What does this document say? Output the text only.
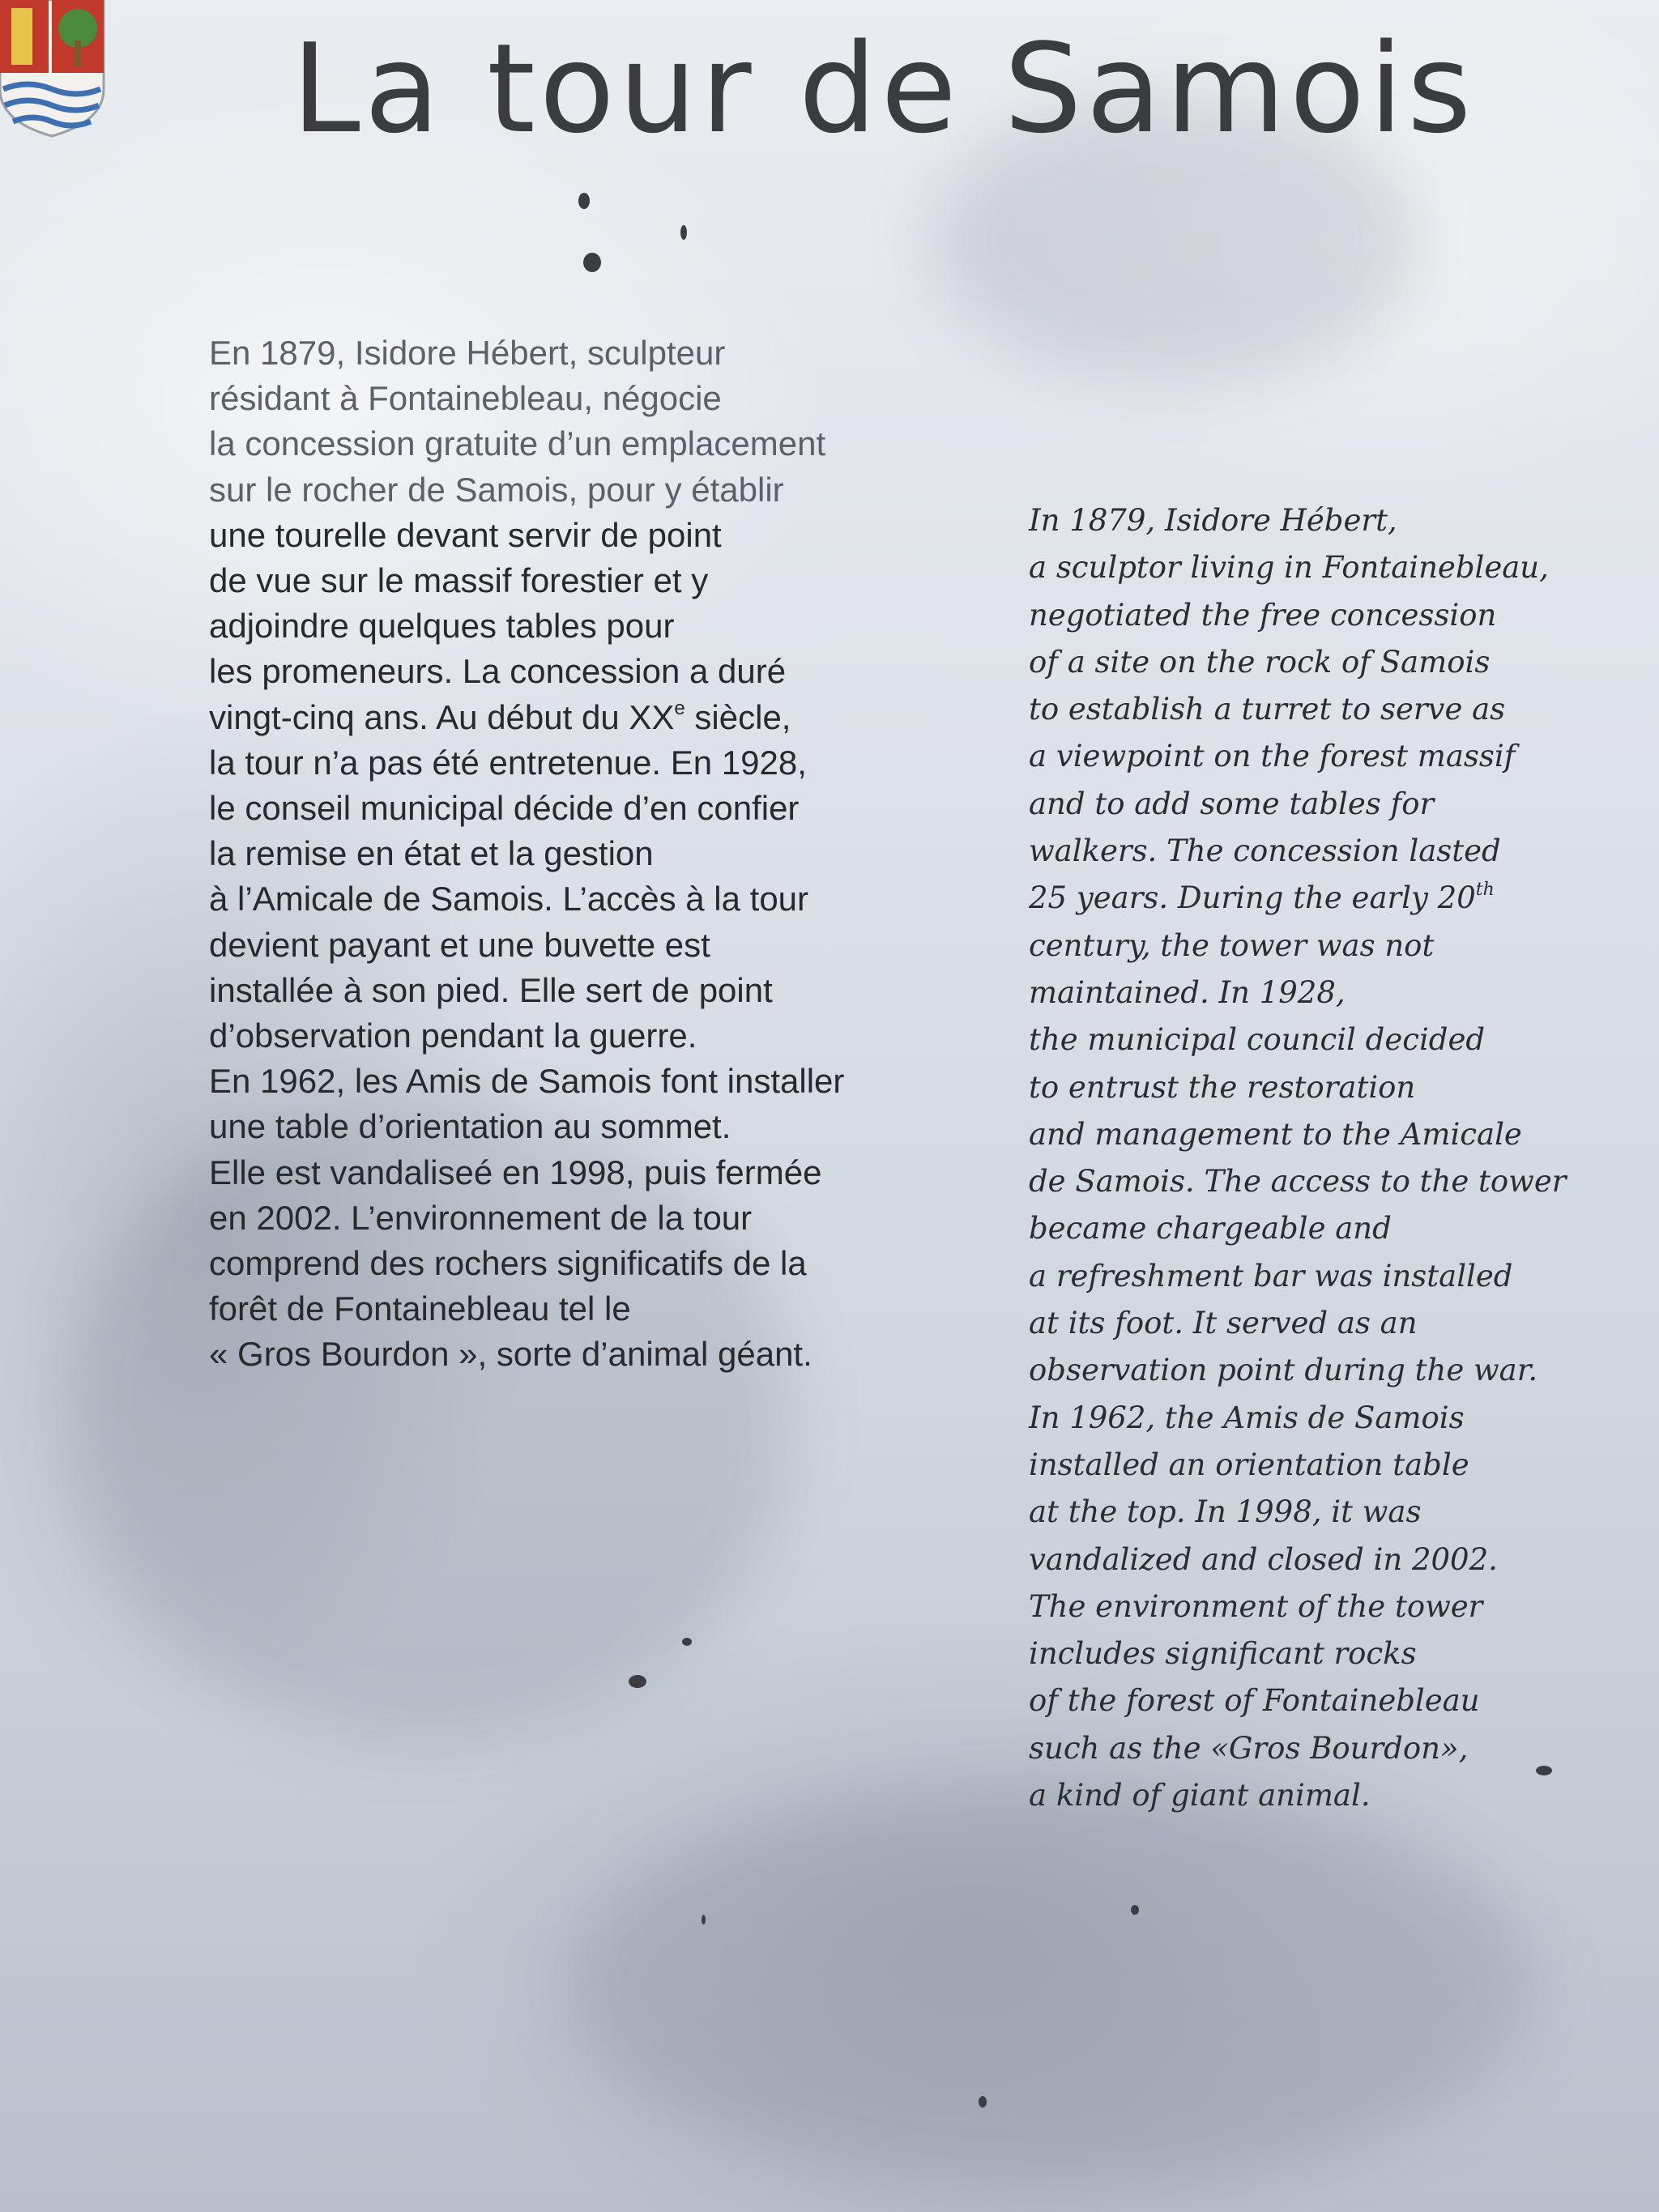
La tour de Samois

En 1879, Isidore Hébert, sculpteur
résidant à Fontainebleau, négocie
la concession gratuite d’un emplacement
sur le rocher de Samois, pour y établir
une tourelle devant servir de point
de vue sur le massif forestier et y
adjoindre quelques tables pour
les promeneurs. La concession a duré
vingt-cinq ans. Au début du XXe siècle,
la tour n’a pas été entretenue. En 1928,
le conseil municipal décide d’en confier
la remise en état et la gestion
à l’Amicale de Samois. L’accès à la tour
devient payant et une buvette est
installée à son pied. Elle sert de point
d’observation pendant la guerre.
En 1962, les Amis de Samois font installer
une table d’orientation au sommet.
Elle est vandaliseé en 1998, puis fermée
en 2002. L’environnement de la tour
comprend des rochers significatifs de la
forêt de Fontainebleau tel le
« Gros Bourdon », sorte d’animal géant.

In 1879, Isidore Hébert,
a sculptor living in Fontainebleau,
negotiated the free concession
of a site on the rock of Samois
to establish a turret to serve as
a viewpoint on the forest massif
and to add some tables for
walkers. The concession lasted
25 years. During the early 20th
century, the tower was not
maintained. In 1928,
the municipal council decided
to entrust the restoration
and management to the Amicale
de Samois. The access to the tower
became chargeable and
a refreshment bar was installed
at its foot. It served as an
observation point during the war.
In 1962, the Amis de Samois
installed an orientation table
at the top. In 1998, it was
vandalized and closed in 2002.
The environment of the tower
includes significant rocks
of the forest of Fontainebleau
such as the «Gros Bourdon»,
a kind of giant animal.
